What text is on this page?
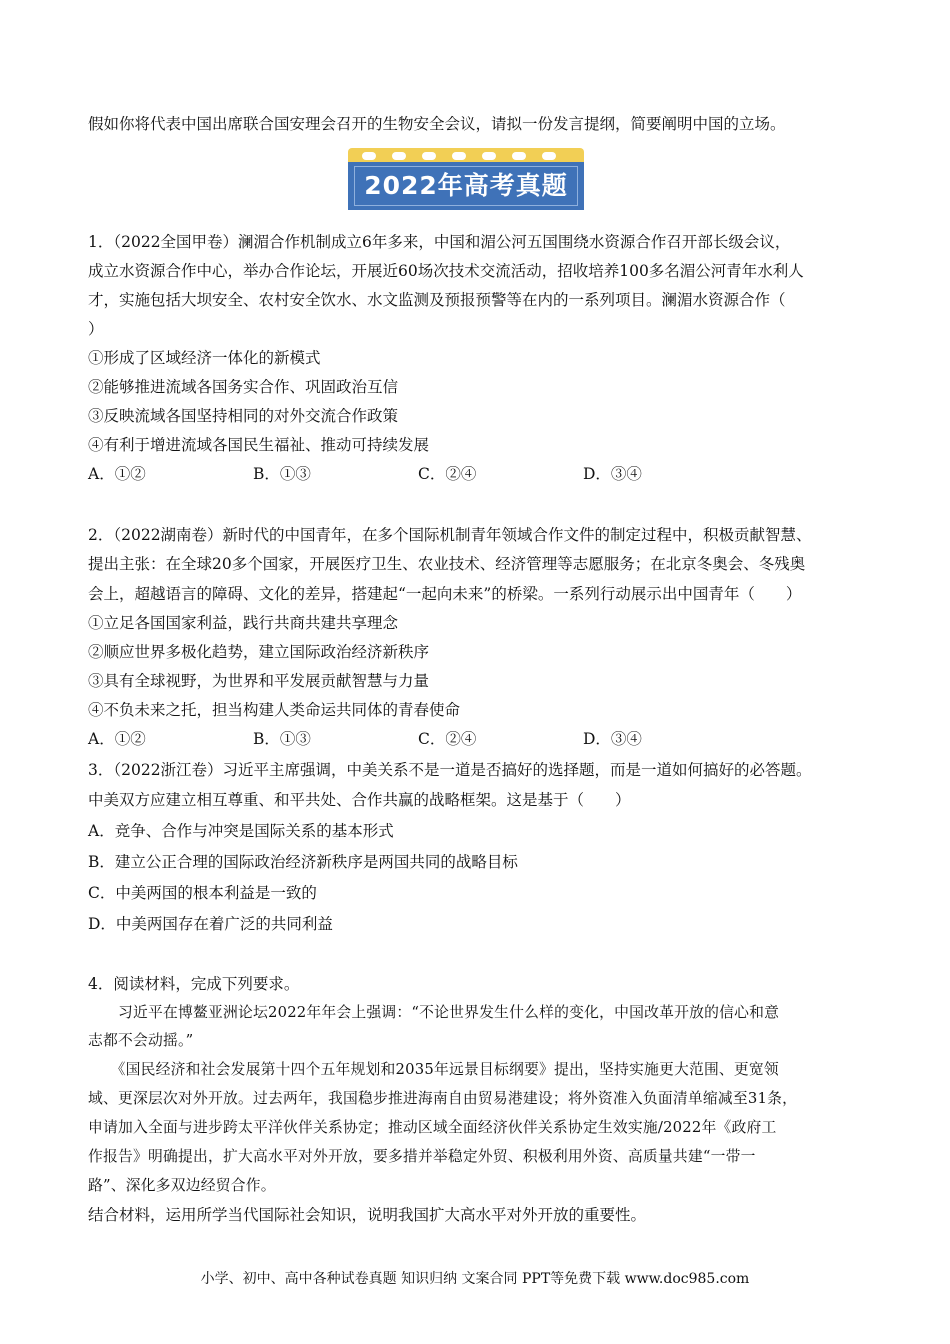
假如你将代表中国出席联合国安理会召开的生物安全会议，请拟一份发言提纲，简要阐明中国的立场。
2022年高考真题
1．（2022全国甲卷）澜湄合作机制成立6年多来，中国和湄公河五国围绕水资源合作召开部长级会议，
成立水资源合作中心，举办合作论坛，开展近60场次技术交流活动，招收培养100多名湄公河青年水利人
才，实施包括大坝安全、农村安全饮水、水文监测及预报预警等在内的一系列项目。澜湄水资源合作（
）
①形成了区域经济一体化的新模式
②能够推进流域各国务实合作、巩固政治互信
③反映流域各国坚持相同的对外交流合作政策
④有利于增进流域各国民生福祉、推动可持续发展
A．①②	B．①③	C．②④	D．③④
2．（2022湖南卷）新时代的中国青年，在多个国际机制青年领域合作文件的制定过程中，积极贡献智慧、
提出主张：在全球20多个国家，开展医疗卫生、农业技术、经济管理等志愿服务；在北京冬奥会、冬残奥
会上，超越语言的障碍、文化的差异，搭建起“一起向未来”的桥梁。一系列行动展示出中国青年（　　）
①立足各国国家利益，践行共商共建共享理念
②顺应世界多极化趋势，建立国际政治经济新秩序
③具有全球视野，为世界和平发展贡献智慧与力量
④不负未来之托，担当构建人类命运共同体的青春使命
A．①②	B．①③	C．②④	D．③④
3．（2022浙江卷）习近平主席强调，中美关系不是一道是否搞好的选择题，而是一道如何搞好的必答题。
中美双方应建立相互尊重、和平共处、合作共赢的战略框架。这是基于（　　）
A．竞争、合作与冲突是国际关系的基本形式
B．建立公正合理的国际政治经济新秩序是两国共同的战略目标
C．中美两国的根本利益是一致的
D．中美两国存在着广泛的共同利益
4．阅读材料，完成下列要求。
　　习近平在博鳌亚洲论坛2022年年会上强调：“不论世界发生什么样的变化，中国改革开放的信心和意
志都不会动摇。”
　　《国民经济和社会发展第十四个五年规划和2035年远景目标纲要》提出，坚持实施更大范围、更宽领
域、更深层次对外开放。过去两年，我国稳步推进海南自由贸易港建设；将外资准入负面清单缩减至31条，
申请加入全面与进步跨太平洋伙伴关系协定；推动区域全面经济伙伴关系协定生效实施/2022年《政府工
作报告》明确提出，扩大高水平对外开放，要多措并举稳定外贸、积极利用外资、高质量共建“一带一
路”、深化多双边经贸合作。
结合材料，运用所学当代国际社会知识，说明我国扩大高水平对外开放的重要性。
小学、初中、高中各种试卷真题 知识归纳 文案合同 PPT等免费下载 www.doc985.com
